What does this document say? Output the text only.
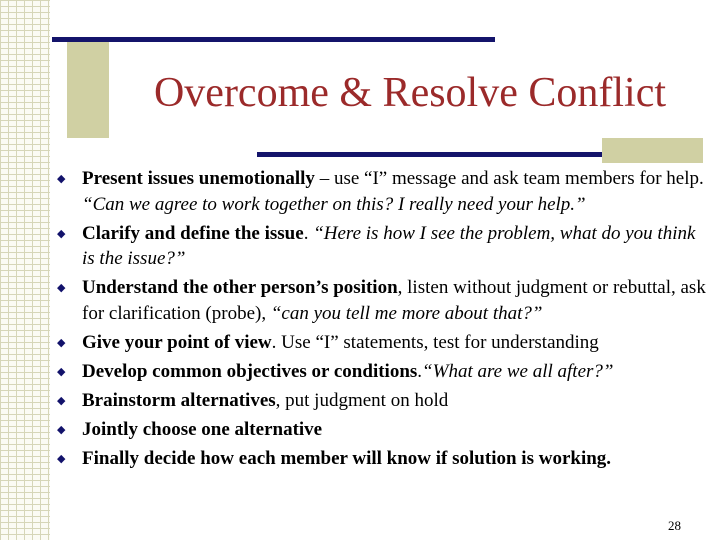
Overcome & Resolve Conflict
◆ Present issues unemotionally – use “I” message and ask team members for help. “Can we agree to work together on this? I really need your help.”
◆ Clarify and define the issue. “Here is how I see the problem, what do you think is the issue?”
◆ Understand the other person’s position, listen without judgment or rebuttal, ask for clarification (probe), “can you tell me more about that?”
◆ Give your point of view. Use “I” statements, test for understanding
◆ Develop common objectives or conditions.“What are we all after?”
◆ Brainstorm alternatives, put judgment on hold
◆ Jointly choose one alternative
◆ Finally decide how each member will know if solution is working.
28
